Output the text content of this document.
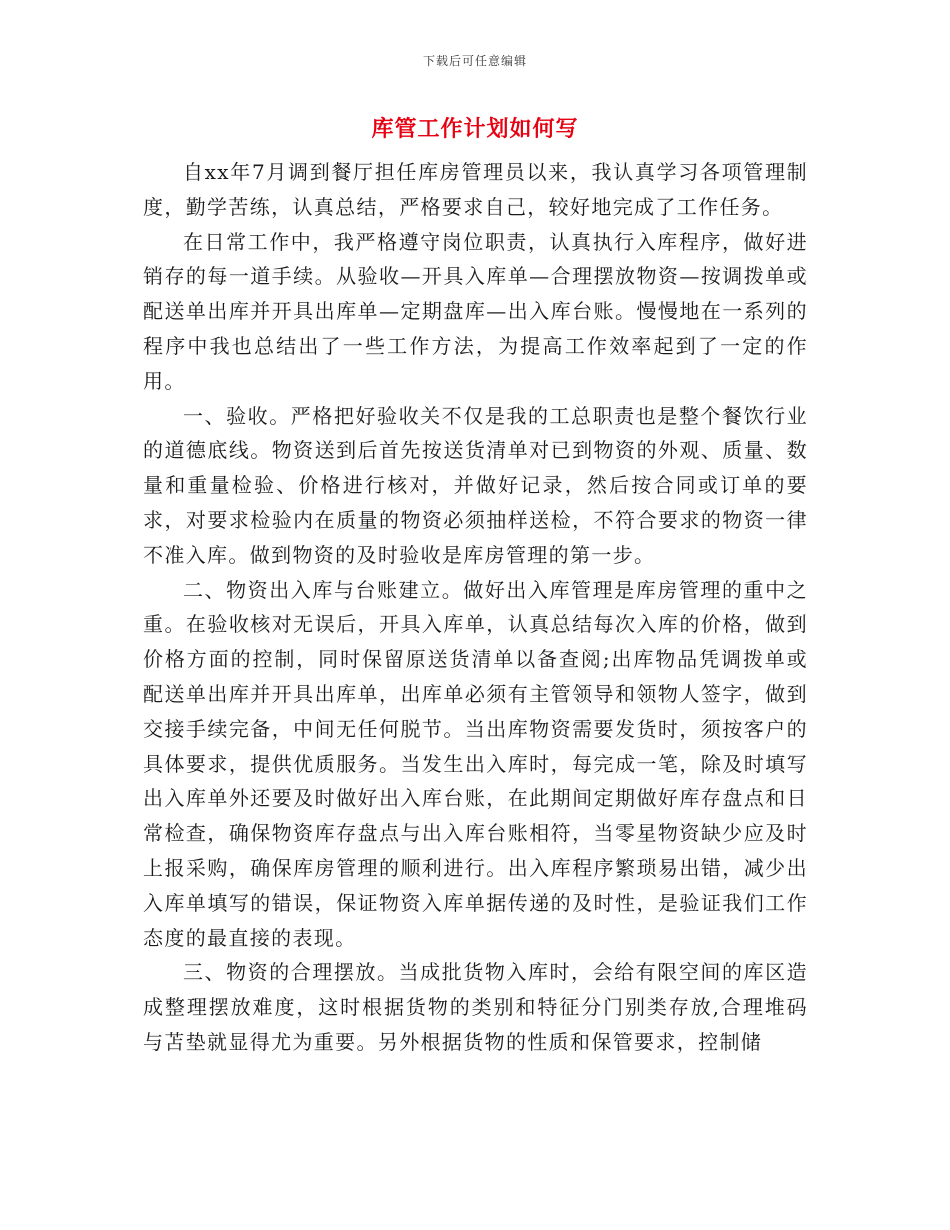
下载后可任意编辑
库管工作计划如何写

自xx年7月调到餐厅担任库房管理员以来，我认真学习各项管理制度，勤学苦练，认真总结，严格要求自己，较好地完成了工作任务。

在日常工作中，我严格遵守岗位职责，认真执行入库程序，做好进销存的每一道手续。从验收—开具入库单—合理摆放物资—按调拨单或配送单出库并开具出库单—定期盘库—出入库台账。慢慢地在一系列的程序中我也总结出了一些工作方法，为提高工作效率起到了一定的作用。

一、验收。严格把好验收关不仅是我的工总职责也是整个餐饮行业的道德底线。物资送到后首先按送货清单对已到物资的外观、质量、数量和重量检验、价格进行核对，并做好记录，然后按合同或订单的要求，对要求检验内在质量的物资必须抽样送检，不符合要求的物资一律不准入库。做到物资的及时验收是库房管理的第一步。

二、物资出入库与台账建立。做好出入库管理是库房管理的重中之重。在验收核对无误后，开具入库单，认真总结每次入库的价格，做到价格方面的控制，同时保留原送货清单以备查阅;出库物品凭调拨单或配送单出库并开具出库单，出库单必须有主管领导和领物人签字，做到交接手续完备，中间无任何脱节。当出库物资需要发货时，须按客户的具体要求，提供优质服务。当发生出入库时，每完成一笔，除及时填写出入库单外还要及时做好出入库台账，在此期间定期做好库存盘点和日常检查，确保物资库存盘点与出入库台账相符，当零星物资缺少应及时上报采购，确保库房管理的顺利进行。出入库程序繁琐易出错，减少出入库单填写的错误，保证物资入库单据传递的及时性，是验证我们工作态度的最直接的表现。

三、物资的合理摆放。当成批货物入库时，会给有限空间的库区造成整理摆放难度，这时根据货物的类别和特征分门别类存放,合理堆码与苫垫就显得尤为重要。另外根据货物的性质和保管要求，控制储
